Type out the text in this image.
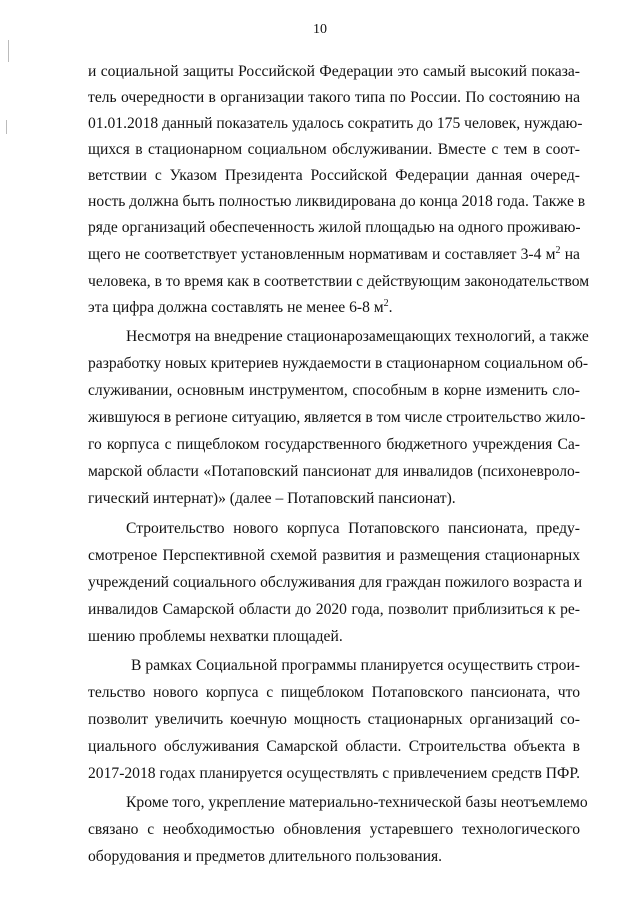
10
и социальной защиты Российской Федерации это самый высокий показа-
тель очередности в организации такого типа по России. По состоянию на
01.01.2018 данный показатель удалось сократить до 175 человек, нуждаю-
щихся в стационарном социальном обслуживании. Вместе с тем в соот-
ветствии с Указом Президента Российской Федерации данная очеред-
ность должна быть полностью ликвидирована до конца 2018 года. Также в
ряде организаций обеспеченность жилой площадью на одного проживаю-
щего не соответствует установленным нормативам и составляет 3-4 $м^2$ на
человека, в то время как в соответствии с действующим законодательством
эта цифра должна составлять не менее 6-8 $м^2$.
Несмотря на внедрение стационарозамещающих технологий, а также
разработку новых критериев нуждаемости в стационарном социальном об-
служивании, основным инструментом, способным в корне изменить сло-
жившуюся в регионе ситуацию, является в том числе строительство жило-
го корпуса с пищеблоком государственного бюджетного учреждения Са-
марской области «Потаповский пансионат для инвалидов (психоневроло-
гический интернат)» (далее – Потаповский пансионат).
Строительство нового корпуса Потаповского пансионата, преду-
смотреное Перспективной схемой развития и размещения стационарных
учреждений социального обслуживания для граждан пожилого возраста и
инвалидов Самарской области до 2020 года, позволит приблизиться к ре-
шению проблемы нехватки площадей.
В рамках Социальной программы планируется осуществить строи-
тельство нового корпуса с пищеблоком Потаповского пансионата, что
позволит увеличить коечную мощность стационарных организаций со-
циального обслуживания Самарской области. Строительства объекта в
2017-2018 годах планируется осуществлять с привлечением средств ПФР.
Кроме того, укрепление материально-технической базы неотъемлемо
связано с необходимостью обновления устаревшего технологического
оборудования и предметов длительного пользования.
